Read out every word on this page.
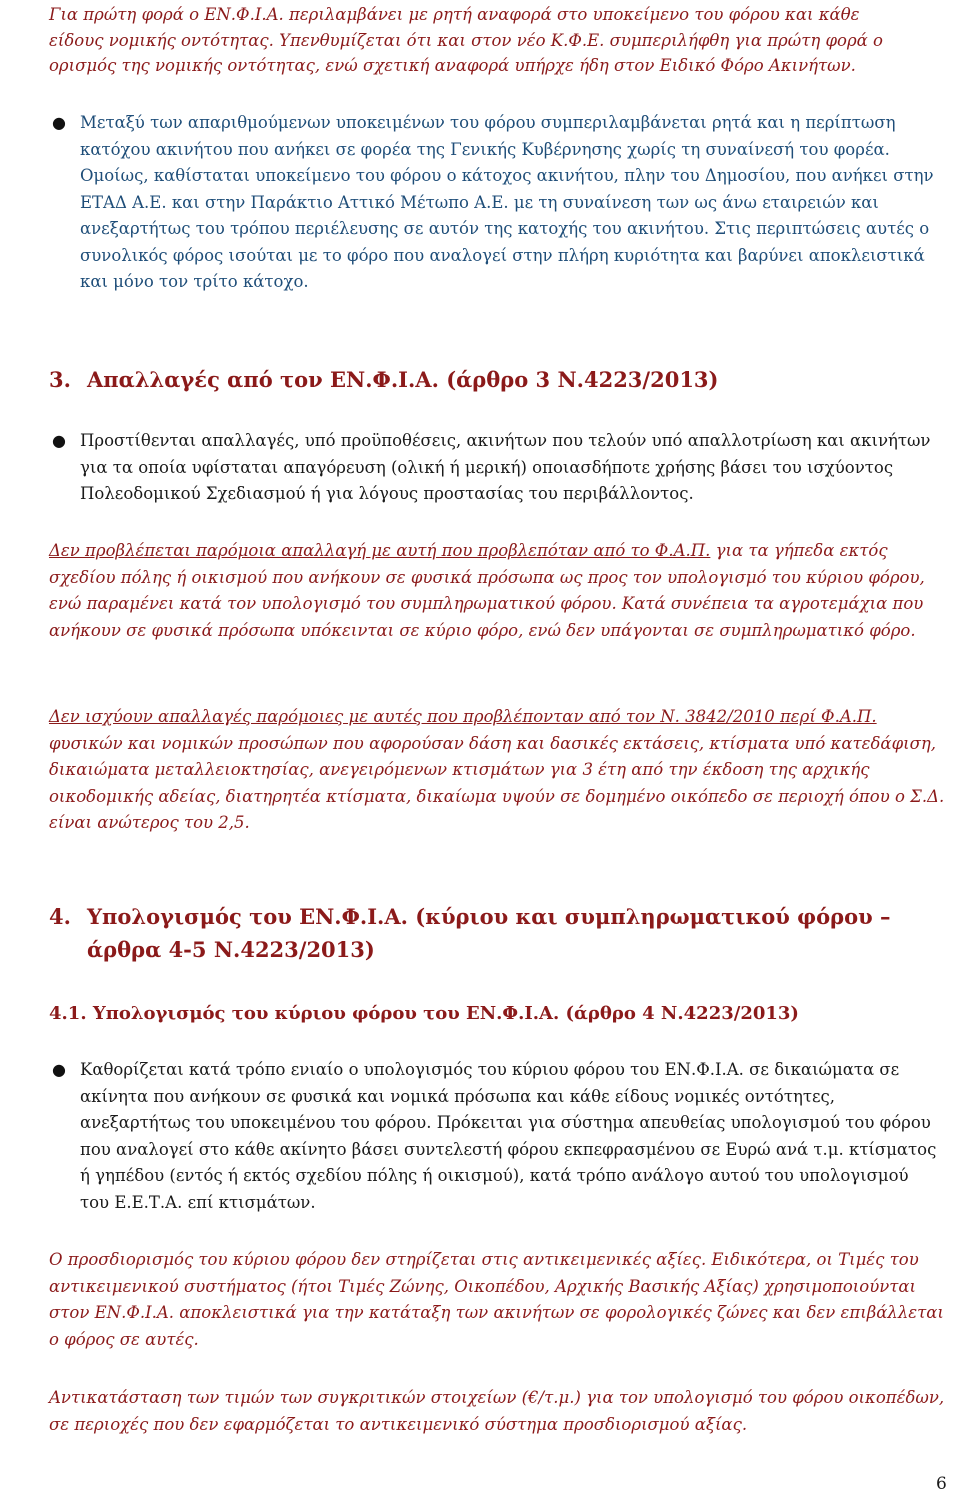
Για πρώτη φορά ο ΕΝ.Φ.Ι.Α. περιλαμβάνει με ρητή αναφορά στο υποκείμενο του φόρου και κάθε
είδους νομικής οντότητας. Υπενθυμίζεται ότι και στον νέο Κ.Φ.Ε. συμπεριλήφθη για πρώτη φορά ο
ορισμός της νομικής οντότητας, ενώ σχετική αναφορά υπήρχε ήδη στον Ειδικό Φόρο Ακινήτων.
● Μεταξύ των απαριθμούμενων υποκειμένων του φόρου συμπεριλαμβάνεται ρητά και η περίπτωση κατόχου ακινήτου που ανήκει σε φορέα της Γενικής Κυβέρνησης χωρίς τη συναίνεσή του φορέα. Ομοίως, καθίσταται υποκείμενο του φόρου ο κάτοχος ακινήτου, πλην του Δημοσίου, που ανήκει στην ΕΤΑΔ Α.Ε. και στην Παράκτιο Αττικό Μέτωπο Α.Ε. με τη συναίνεση των ως άνω εταιρειών και ανεξαρτήτως του τρόπου περιέλευσης σε αυτόν της κατοχής του ακινήτου. Στις περιπτώσεις αυτές ο συνολικός φόρος ισούται με το φόρο που αναλογεί στην πλήρη κυριότητα και βαρύνει αποκλειστικά και μόνο τον τρίτο κάτοχο.
3. Απαλλαγές από τον ΕΝ.Φ.Ι.Α. (άρθρο 3 Ν.4223/2013)
● Προστίθενται απαλλαγές, υπό προϋποθέσεις, ακινήτων που τελούν υπό απαλλοτρίωση και ακινήτων για τα οποία υφίσταται απαγόρευση (ολική ή μερική) οποιασδήποτε χρήσης βάσει του ισχύοντος Πολεοδομικού Σχεδιασμού ή για λόγους προστασίας του περιβάλλοντος.
Δεν προβλέπεται παρόμοια απαλλαγή με αυτή που προβλεπόταν από το Φ.Α.Π. για τα γήπεδα εκτός σχεδίου πόλης ή οικισμού που ανήκουν σε φυσικά πρόσωπα ως προς τον υπολογισμό του κύριου φόρου, ενώ παραμένει κατά τον υπολογισμό του συμπληρωματικού φόρου. Κατά συνέπεια τα αγροτεμάχια που ανήκουν σε φυσικά πρόσωπα υπόκεινται σε κύριο φόρο, ενώ δεν υπάγονται σε συμπληρωματικό φόρο.
Δεν ισχύουν απαλλαγές παρόμοιες με αυτές που προβλέπονταν από τον Ν. 3842/2010 περί Φ.Α.Π. φυσικών και νομικών προσώπων που αφορούσαν δάση και δασικές εκτάσεις, κτίσματα υπό κατεδάφιση, δικαιώματα μεταλλειοκτησίας, ανεγειρόμενων κτισμάτων για 3 έτη από την έκδοση της αρχικής οικοδομικής αδείας, διατηρητέα κτίσματα, δικαίωμα υψούν σε δομημένο οικόπεδο σε περιοχή όπου ο Σ.Δ. είναι ανώτερος του 2,5.
4. Υπολογισμός του ΕΝ.Φ.Ι.Α. (κύριου και συμπληρωματικού φόρου –
άρθρα 4-5 Ν.4223/2013)
4.1. Υπολογισμός του κύριου φόρου του ΕΝ.Φ.Ι.Α. (άρθρο 4 Ν.4223/2013)
● Καθορίζεται κατά τρόπο ενιαίο ο υπολογισμός του κύριου φόρου του ΕΝ.Φ.Ι.Α. σε δικαιώματα σε ακίνητα που ανήκουν σε φυσικά και νομικά πρόσωπα και κάθε είδους νομικές οντότητες, ανεξαρτήτως του υποκειμένου του φόρου. Πρόκειται για σύστημα απευθείας υπολογισμού του φόρου που αναλογεί στο κάθε ακίνητο βάσει συντελεστή φόρου εκπεφρασμένου σε Ευρώ ανά τ.μ. κτίσματος ή γηπέδου (εντός ή εκτός σχεδίου πόλης ή οικισμού), κατά τρόπο ανάλογο αυτού του υπολογισμού του Ε.Ε.Τ.Α. επί κτισμάτων.
Ο προσδιορισμός του κύριου φόρου δεν στηρίζεται στις αντικειμενικές αξίες. Ειδικότερα, οι Τιμές του αντικειμενικού συστήματος (ήτοι Τιμές Ζώνης, Οικοπέδου, Αρχικής Βασικής Αξίας) χρησιμοποιούνται στον ΕΝ.Φ.Ι.Α. αποκλειστικά για την κατάταξη των ακινήτων σε φορολογικές ζώνες και δεν επιβάλλεται ο φόρος σε αυτές.
Αντικατάσταση των τιμών των συγκριτικών στοιχείων (€/τ.μ.) για τον υπολογισμό του φόρου οικοπέδων, σε περιοχές που δεν εφαρμόζεται το αντικειμενικό σύστημα προσδιορισμού αξίας.
6
